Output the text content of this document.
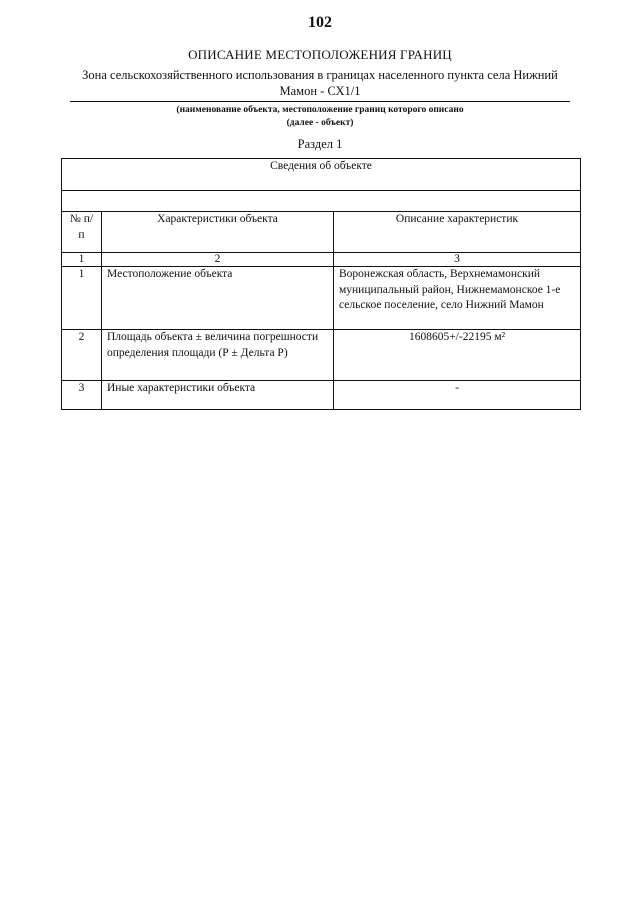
102
ОПИСАНИЕ МЕСТОПОЛОЖЕНИЯ ГРАНИЦ
Зона сельскохозяйственного использования в границах населенного пункта села Нижний Мамон - СХ1/1
(наименование объекта, местоположение границ которого описано
(далее - объект)
Раздел 1
Сведения об объекте		

№ п/п	Характеристики объекта	Описание характеристик
1	2	3
1	Местоположение объекта	Воронежская область, Верхнемамонский муниципальный район, Нижнемамонское 1-е сельское поселение, село Нижний Мамон
2	Площадь объекта ± величина погрешности определения площади (Р ± Дельта Р)	1608605+/-22195 м²
3	Иные характеристики объекта	-
